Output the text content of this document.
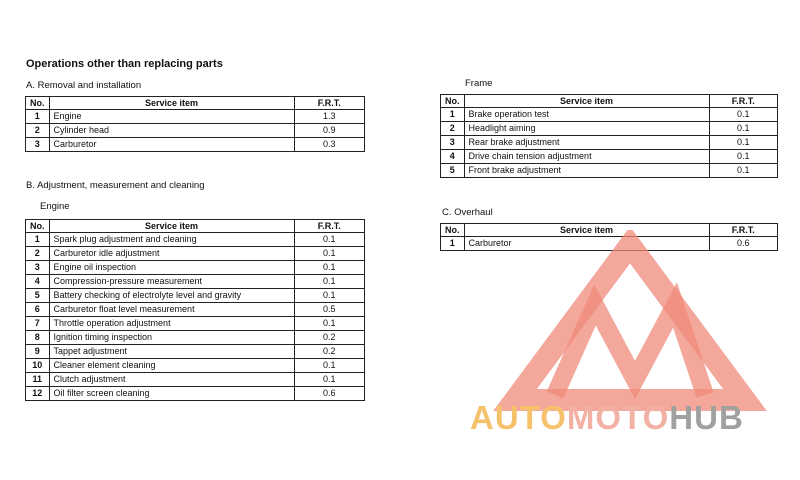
Operations other than replacing parts
A. Removal and installation
No.	Service item	F.R.T.
1	Engine	1.3
2	Cylinder head	0.9
3	Carburetor	0.3
B. Adjustment, measurement and cleaning
Engine
No.	Service item	F.R.T.
1	Spark plug adjustment and cleaning	0.1
2	Carburetor idle adjustment	0.1
3	Engine oil inspection	0.1
4	Compression-pressure measurement	0.1
5	Battery checking of electrolyte level and gravity	0.1
6	Carburetor float level measurement	0.5
7	Throttle operation adjustment	0.1
8	Ignition timing inspection	0.2
9	Tappet adjustment	0.2
10	Cleaner element cleaning	0.1
11	Clutch adjustment	0.1
12	Oil filter screen cleaning	0.6
Frame
No.	Service item	F.R.T.
1	Brake operation test	0.1
2	Headlight aiming	0.1
3	Rear brake adjustment	0.1
4	Drive chain tension adjustment	0.1
5	Front brake adjustment	0.1
C. Overhaul
No.	Service item	F.R.T.
1	Carburetor	0.6
AUTOMOTOHUB
